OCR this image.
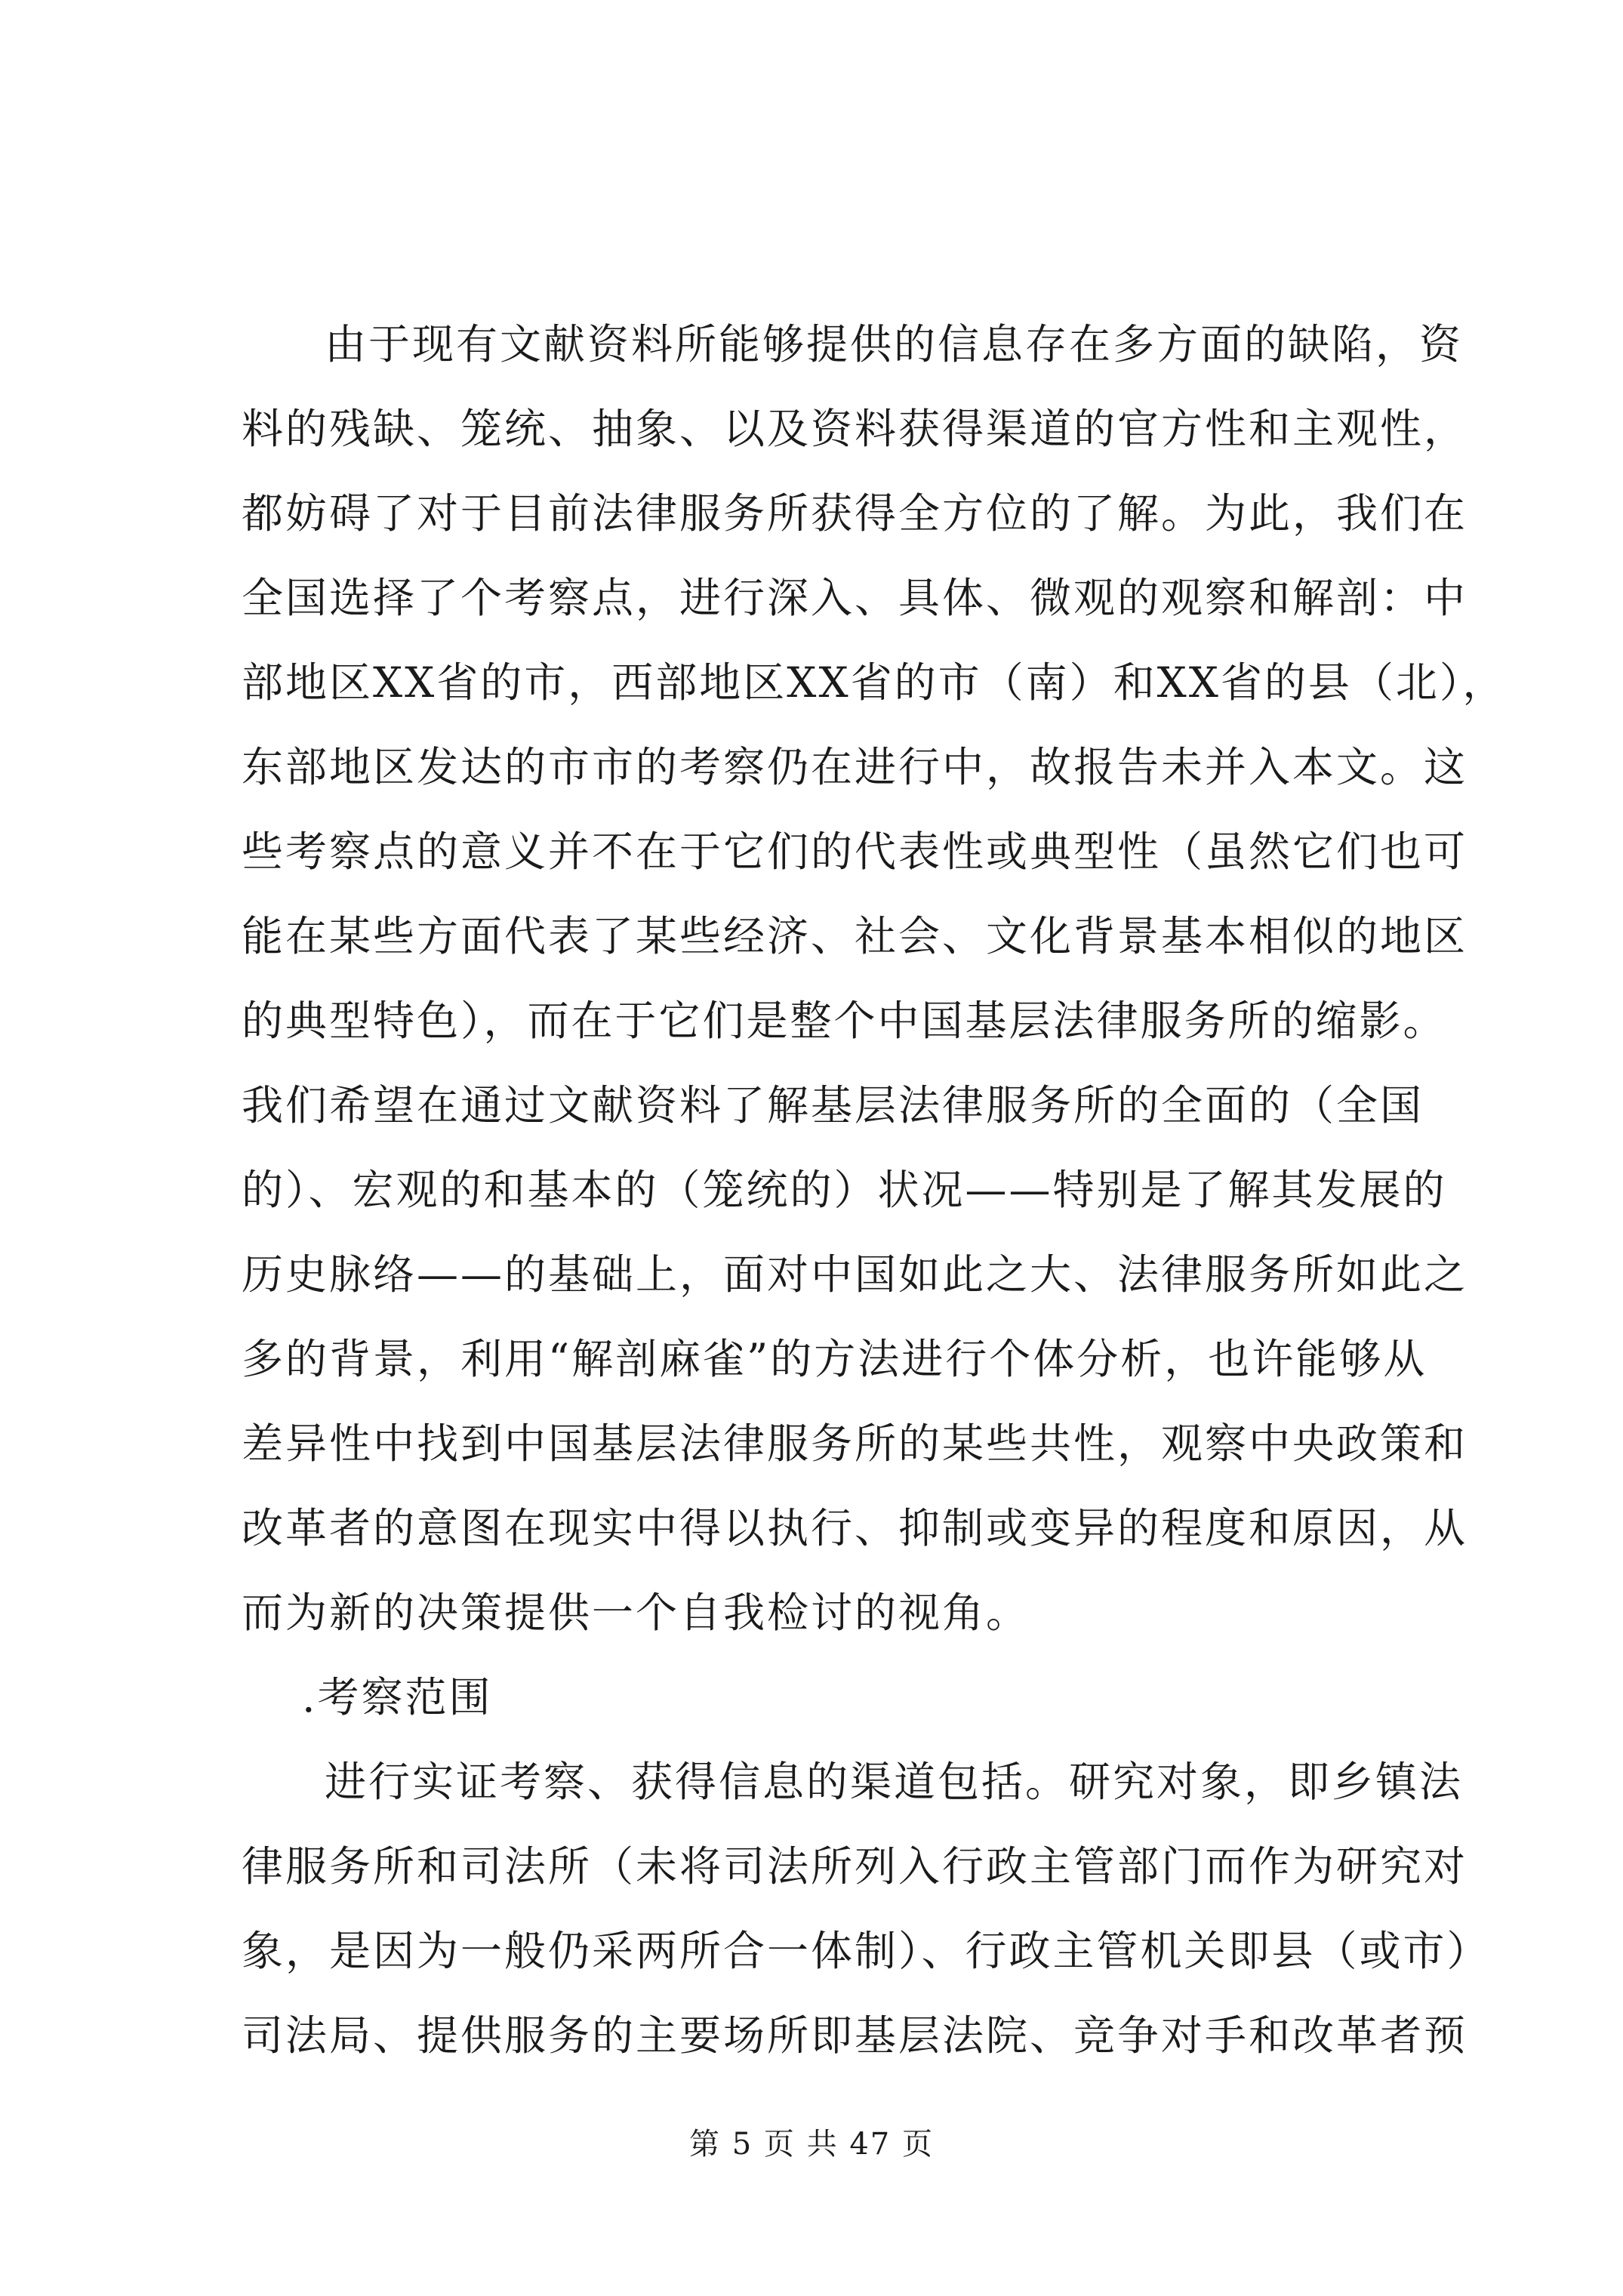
由于现有文献资料所能够提供的信息存在多方面的缺陷，资
料的残缺、笼统、抽象、以及资料获得渠道的官方性和主观性，
都妨碍了对于目前法律服务所获得全方位的了解。为此，我们在
全国选择了个考察点，进行深入、具体、微观的观察和解剖：中
部地区XX省的市，西部地区XX省的市（南）和XX省的县（北），
东部地区发达的市市的考察仍在进行中，故报告未并入本文。这
些考察点的意义并不在于它们的代表性或典型性（虽然它们也可
能在某些方面代表了某些经济、社会、文化背景基本相似的地区
的典型特色），而在于它们是整个中国基层法律服务所的缩影。
我们希望在通过文献资料了解基层法律服务所的全面的（全国
的）、宏观的和基本的（笼统的）状况——特别是了解其发展的
历史脉络——的基础上，面对中国如此之大、法律服务所如此之
多的背景，利用“解剖麻雀”的方法进行个体分析，也许能够从
差异性中找到中国基层法律服务所的某些共性，观察中央政策和
改革者的意图在现实中得以执行、抑制或变异的程度和原因，从
而为新的决策提供一个自我检讨的视角。
.考察范围
进行实证考察、获得信息的渠道包括。研究对象，即乡镇法
律服务所和司法所（未将司法所列入行政主管部门而作为研究对
象，是因为一般仍采两所合一体制）、行政主管机关即县（或市）
司法局、提供服务的主要场所即基层法院、竞争对手和改革者预
第 5 页 共 47 页
